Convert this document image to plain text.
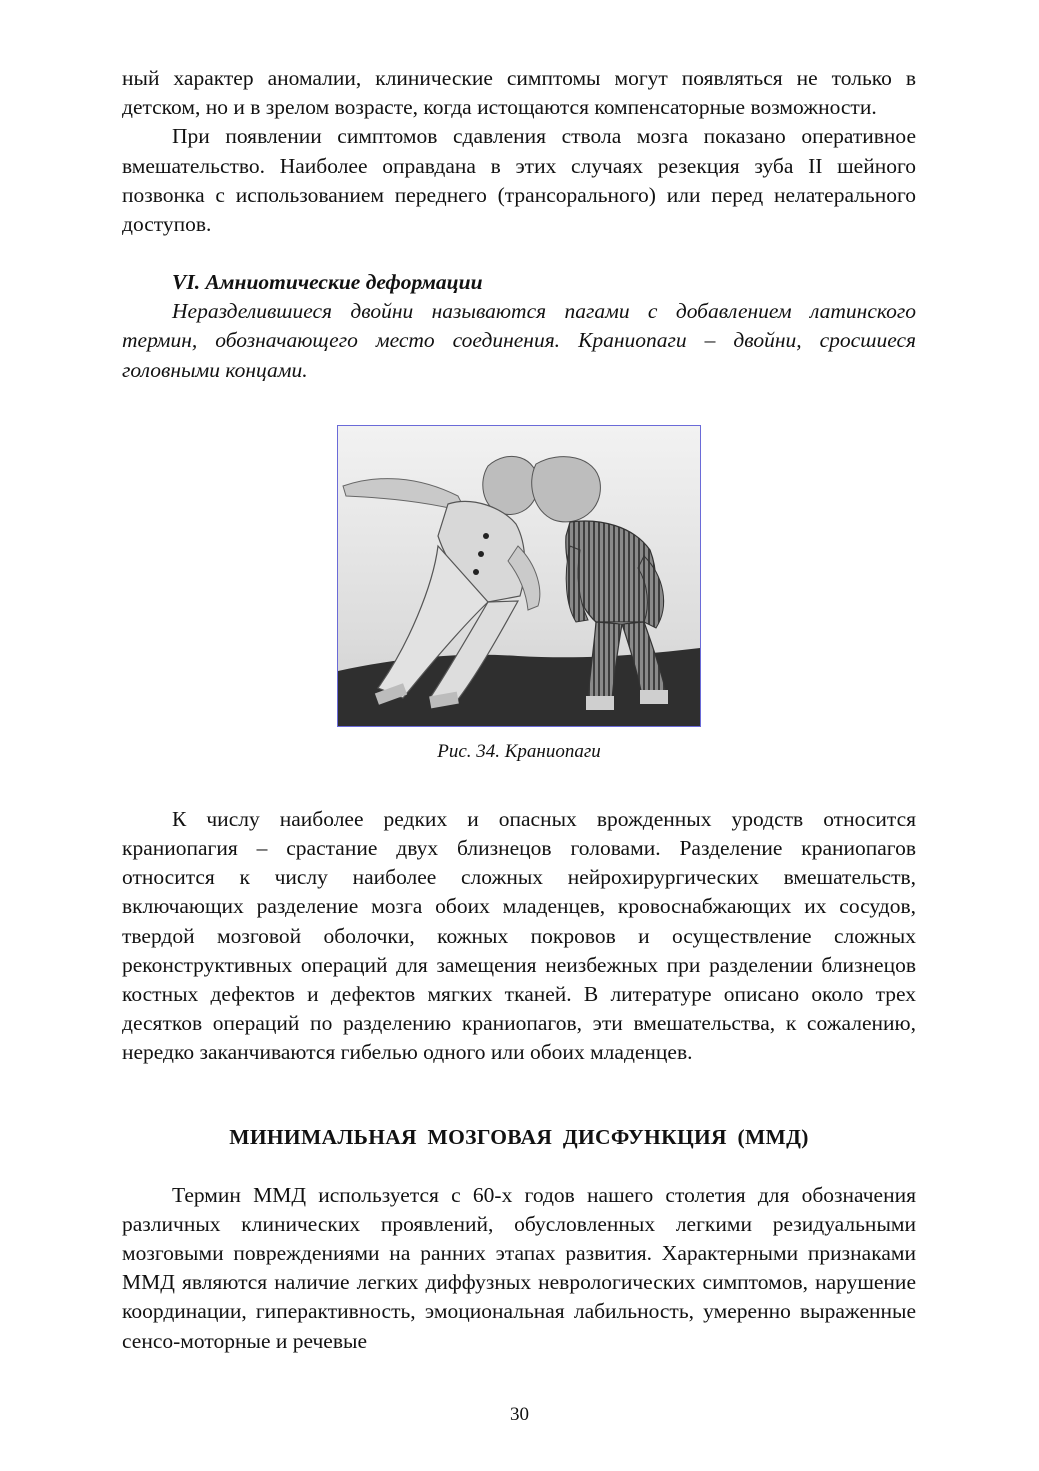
ный характер аномалии, клинические симптомы могут появляться не только в детском, но и в зрелом возрасте, когда истощаются компенсаторные возможности.

При появлении симптомов сдавления ствола мозга показано оперативное вмешательство. Наиболее оправдана в этих случаях резекция зуба II шейного позвонка с использованием переднего (трансорального) или перед нелатерального доступов.

VI. Амниотические деформации

Неразделившиеся двойни называются пагами с добавлением латинского термин, обозначающего место соединения. Краниопаги – двойни, сросшиеся головными концами.

Рис. 34. Краниопаги

К числу наиболее редких и опасных врожденных уродств относится краниопагия – срастание двух близнецов головами. Разделение краниопагов относится к числу наиболее сложных нейрохирургических вмешательств, включающих разделение мозга обоих младенцев, кровоснабжающих их сосудов, твердой мозговой оболочки, кожных покровов и осуществление сложных реконструктивных операций для замещения неизбежных при разделении близнецов костных дефектов и дефектов мягких тканей. В литературе описано около трех десятков операций по разделению краниопагов, эти вмешательства, к сожалению, нередко заканчиваются гибелью одного или обоих младенцев.

МИНИМАЛЬНАЯ МОЗГОВАЯ ДИСФУНКЦИЯ (ММД)

Термин ММД используется с 60-х годов нашего столетия для обозначения различных клинических проявлений, обусловленных легкими резидуальными мозговыми повреждениями на ранних этапах развития. Характерными признаками ММД являются наличие легких диффузных неврологических симптомов, нарушение координации, гиперактивность, эмоциональная лабильность, умеренно выраженные сенсо-моторные и речевые

30
